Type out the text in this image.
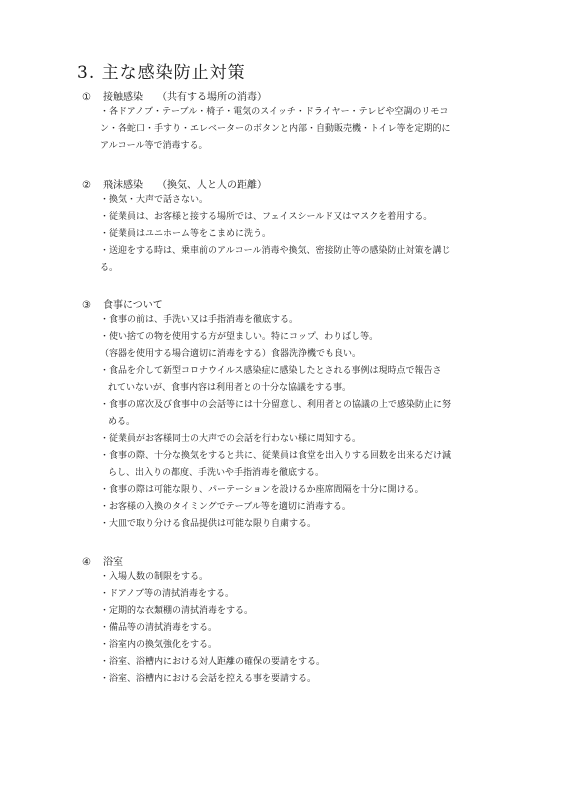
3. 主な感染防止対策
① 接触感染 （共有する場所の消毒）
・各ドアノブ・テーブル・椅子・電気のスイッチ・ドライヤー・テレビや空調のリモコ
ン・各蛇口・手すり・エレベーターのボタンと内部・自動販売機・トイレ等を定期的に
アルコール等で消毒する。
② 飛沫感染 （換気、人と人の距離）
・換気・大声で話さない。
・従業員は、お客様と接する場所では、フェイスシールド又はマスクを着用する。
・従業員はユニホーム等をこまめに洗う。
・送迎をする時は、乗車前のアルコール消毒や換気、密接防止等の感染防止対策を講じ
る。
③ 食事について
・食事の前は、手洗い又は手指消毒を徹底する。
・使い捨ての物を使用する方が望ましい。特にコップ、わりばし等。
（容器を使用する場合適切に消毒をする）食器洗浄機でも良い。
・食品を介して新型コロナウイルス感染症に感染したとされる事例は現時点で報告さ
れていないが、食事内容は利用者との十分な協議をする事。
・食事の席次及び食事中の会話等には十分留意し、利用者との協議の上で感染防止に努
める。
・従業員がお客様同士の大声での会話を行わない様に周知する。
・食事の際、十分な換気をすると共に、従業員は食堂を出入りする回数を出来るだけ減
らし、出入りの都度、手洗いや手指消毒を徹底する。
・食事の際は可能な限り、パーテーションを設けるか座席間隔を十分に開ける。
・お客様の入換のタイミングでテーブル等を適切に消毒する。
・大皿で取り分ける食品提供は可能な限り自粛する。
④ 浴室
・入場人数の制限をする。
・ドアノブ等の清拭消毒をする。
・定期的な衣類棚の清拭消毒をする。
・備品等の清拭消毒をする。
・浴室内の換気強化をする。
・浴室、浴槽内における対人距離の確保の要請をする。
・浴室、浴槽内における会話を控える事を要請する。
